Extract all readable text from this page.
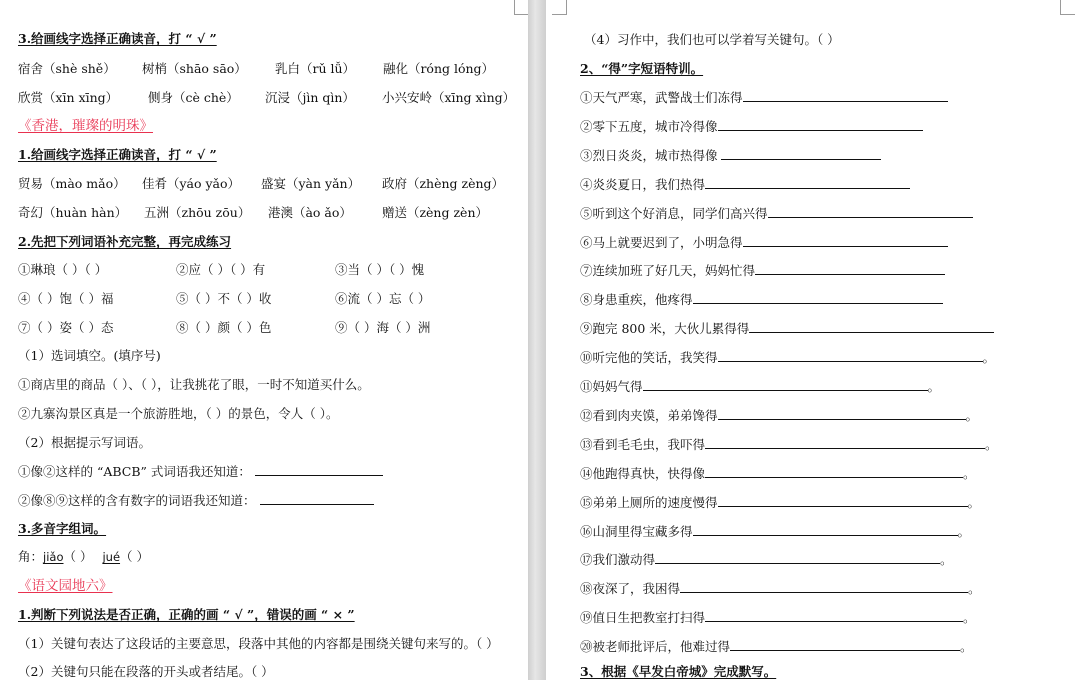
3.给画线字选择正确读音，打 “ √ ”
宿舍（shè shě） 树梢（shāo sāo） 乳白（rǔ lǚ） 融化（róng lóng）
欣赏（xīn xīng） 侧身（cè chè） 沉浸（jìn qìn） 小兴安岭（xīng xìng）
《香港，璀璨的明珠》
1.给画线字选择正确读音，打 “ √ ”
贸易（mào mǎo） 佳肴（yáo yǎo） 盛宴（yàn yǎn） 政府（zhèng zèng）
奇幻（huàn hàn） 五洲（zhōu zōu） 港澳（ào ǎo） 赠送（zèng zèn）
2.先把下列词语补充完整，再完成练习
①琳琅（ ）（ ）	②应（ ）（ ）有	③当（ ）（ ）愧
④（ ）饱（ ）福	⑤（ ）不（ ）收	⑥流（ ）忘（ ）
⑦（ ）姿（ ）态	⑧（ ）颜（ ）色	⑨（ ）海（ ）洲
（1）选词填空。(填序号)
①商店里的商品（ ）、（ ），让我挑花了眼，一时不知道买什么。
②九寨沟景区真是一个旅游胜地，（ ）的景色，令人（ ）。
（2）根据提示写词语。
①像②这样的 “ABCB” 式词语我还知道：
②像⑧⑨这样的含有数字的词语我还知道：
3.多音字组词。
角：jiǎo（ ） jué（ ）
《语文园地六》
1.判断下列说法是否正确，正确的画 “ √ ”，错误的画 “ × ”
（1）关键句表达了这段话的主要意思，段落中其他的内容都是围绕关键句来写的。（ ）
（2）关键句只能在段落的开头或者结尾。（ ）
（4）习作中，我们也可以学着写关键句。（ ）
2、“得”字短语特训。
①天气严寒，武警战士们冻得
②零下五度，城市冷得像
③烈日炎炎，城市热得像
④炎炎夏日，我们热得
⑤听到这个好消息，同学们高兴得
⑥马上就要迟到了，小明急得
⑦连续加班了好几天，妈妈忙得
⑧身患重疾，他疼得
⑨跑完 800 米，大伙儿累得得
⑩听完他的笑话，我笑得	。
⑪妈妈气得	。
⑫看到肉夹馍，弟弟馋得	。
⑬看到毛毛虫，我吓得	。
⑭他跑得真快，快得像	。
⑮弟弟上厕所的速度慢得	。
⑯山洞里得宝藏多得	。
⑰我们激动得	。
⑱夜深了，我困得	。
⑲值日生把教室打扫得	。
⑳被老师批评后，他难过得	。
3、根据《早发白帝城》完成默写。
